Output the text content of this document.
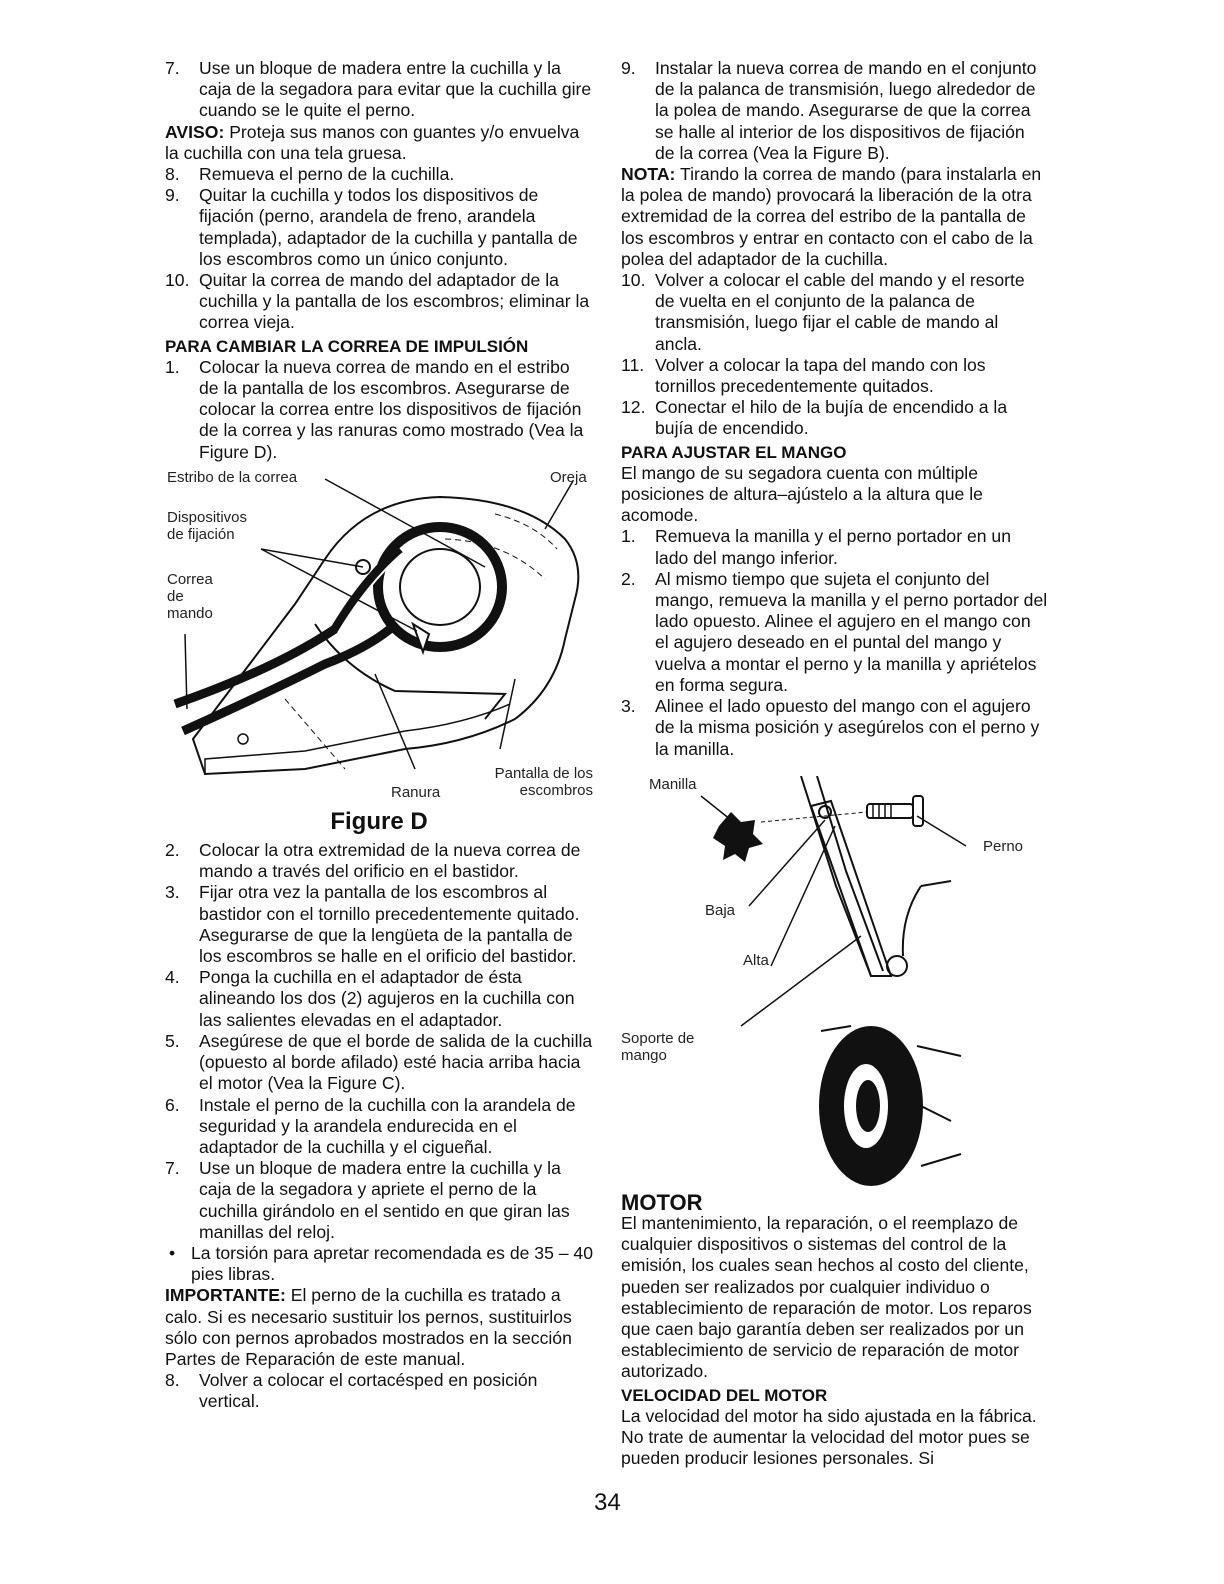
7.	Use un bloque de madera entre la cuchilla y la caja de la segadora para evitar que la cuchilla gire cuando se le quite el perno.

AVISO: Proteja sus manos con guantes y/o envuelva la cuchilla con una tela gruesa.

8.	Remueva el perno de la cuchilla.
9.	Quitar la cuchilla y todos los dispositivos de fijación (perno, arandela de freno, arandela templada), adaptador de la cuchilla y pantalla de los escombros como un único conjunto.
10. Quitar la correa de mando del adaptador de la cuchilla y la pantalla de los escombros; eliminar la correa vieja.
PARA CAMBIAR LA CORREA DE IMPULSIÓN
1.	Colocar la nueva correa de mando en el estribo de la pantalla de los escombros. Asegurarse de colocar la correa entre los dispositivos de fijación de la correa y las ranuras como mostrado (Vea la Figure D).
Estribo de la correa	Oreja
Dispositivos de fijación
Correa de mando
Pantalla de los escombros
Ranura
Figure D
2.	Colocar la otra extremidad de la nueva correa de mando a través del orificio en el bastidor.
3.	Fijar otra vez la pantalla de los escombros al bastidor con el tornillo precedentemente quitado. Asegurarse de que la lengüeta de la pantalla de los escombros se halle en el orificio del bastidor.
4.	Ponga la cuchilla en el adaptador de ésta alineando los dos (2) agujeros en la cuchilla con las salientes elevadas en el adaptador.
5.	Asegúrese de que el borde de salida de la cuchilla (opuesto al borde afilado) esté hacia arriba hacia el motor (Vea la Figure C).
6.	Instale el perno de la cuchilla con la arandela de seguridad y la arandela endurecida en el adaptador de la cuchilla y el cigueñal.
7.	Use un bloque de madera entre la cuchilla y la caja de la segadora y apriete el perno de la cuchilla girándolo en el sentido en que giran las manillas del reloj.
• La torsión para apretar recomendada es de 35 – 40 pies libras.

IMPORTANTE: El perno de la cuchilla es tratado a calo. Si es necesario sustituir los pernos, sustituirlos sólo con pernos aprobados mostrados en la sección Partes de Reparación de este manual.

8.	Volver a colocar el cortacésped en posición vertical.
9.	Instalar la nueva correa de mando en el conjunto de la palanca de transmisión, luego alrededor de la polea de mando. Asegurarse de que la correa se halle al interior de los dispositivos de fijación de la correa (Vea la Figure B).

NOTA: Tirando la correa de mando (para instalarla en la polea de mando) provocará la liberación de la otra extremidad de la correa del estribo de la pantalla de los escombros y entrar en contacto con el cabo de la polea del adaptador de la cuchilla.

10. Volver a colocar el cable del mando y el resorte de vuelta en el conjunto de la palanca de transmisión, luego fijar el cable de mando al ancla.
11. Volver a colocar la tapa del mando con los tornillos precedentemente quitados.
12. Conectar el hilo de la bujía de encendido a la bujía de encendido.
PARA AJUSTAR EL MANGO

El mango de su segadora cuenta con múltiple posiciones de altura–ajústelo a la altura que le acomode.

1.	Remueva la manilla y el perno portador en un lado del mango inferior.
2.	Al mismo tiempo que sujeta el conjunto del mango, remueva la manilla y el perno portador del lado opuesto. Alinee el agujero en el mango con el agujero deseado en el puntal del mango y vuelva a montar el perno y la manilla y apriételos en forma segura.
3.	Alinee el lado opuesto del mango con el agujero de la misma posición y asegúrelos con el perno y la manilla.
Manilla
Perno
Baja
Alta
Soporte de mango
MOTOR

El mantenimiento, la reparación, o el reemplazo de cualquier dispositivos o sistemas del control de la emisión, los cuales sean hechos al costo del cliente, pueden ser realizados por cualquier individuo o establecimiento de reparación de motor. Los reparos que caen bajo garantía deben ser realizados por un establecimiento de servicio de reparación de motor autorizado.

VELOCIDAD DEL MOTOR

La velocidad del motor ha sido ajustada en la fábrica. No trate de aumentar la velocidad del motor pues se pueden producir lesiones personales. Si

34
